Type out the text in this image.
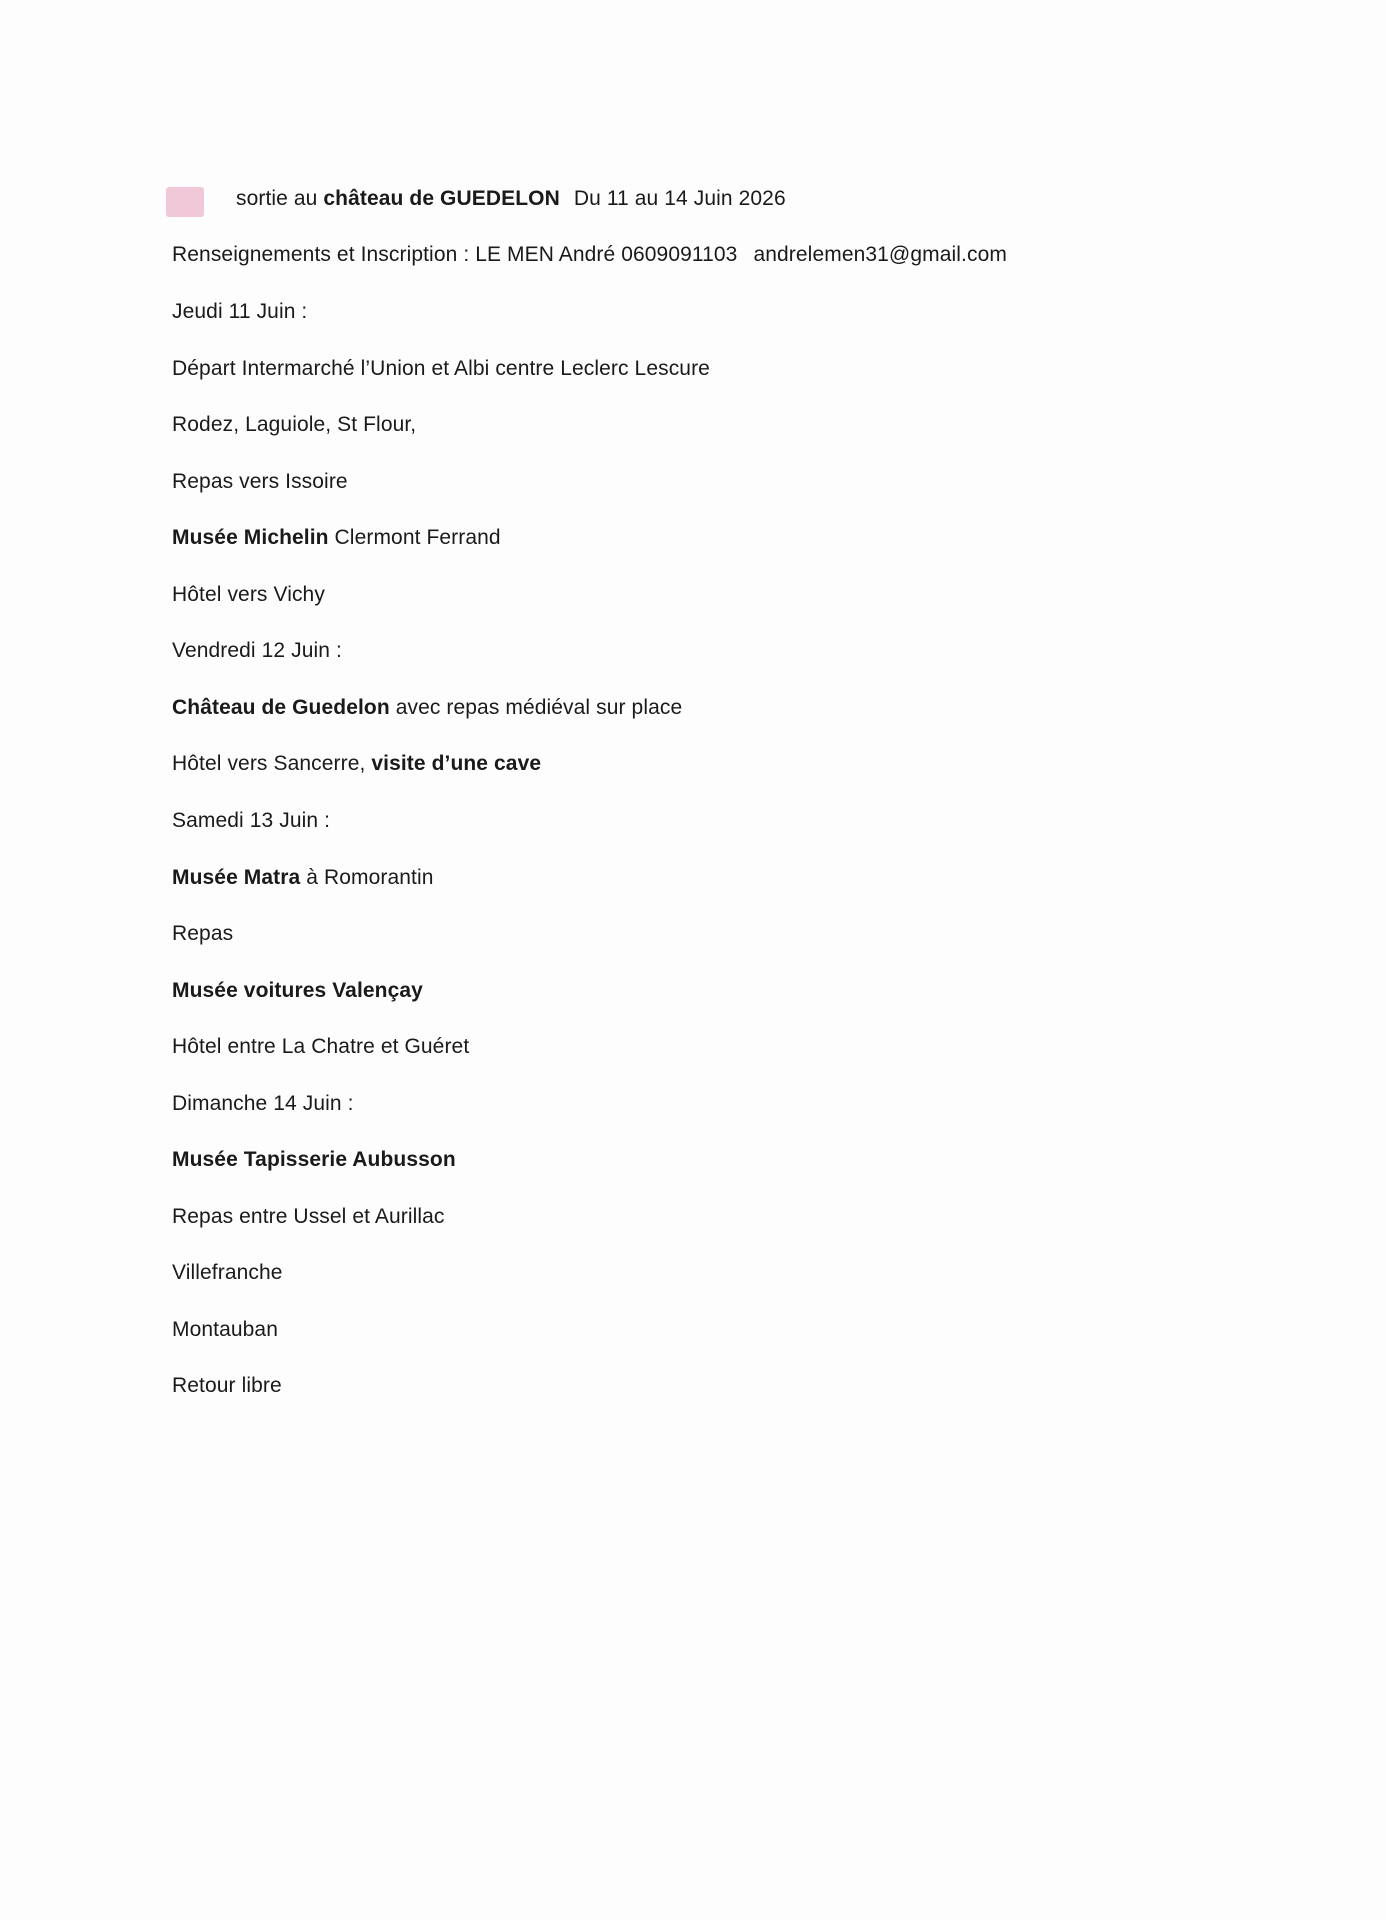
sortie au château de GUEDELON Du 11 au 14 Juin 2026
Renseignements et Inscription : LE MEN André 0609091103 andrelemen31@gmail.com
Jeudi 11 Juin :
Départ Intermarché l’Union et Albi centre Leclerc Lescure
Rodez, Laguiole, St Flour,
Repas vers Issoire
Musée Michelin Clermont Ferrand
Hôtel vers Vichy
Vendredi 12 Juin :
Château de Guedelon avec repas médiéval sur place
Hôtel vers Sancerre, visite d’une cave
Samedi 13 Juin :
Musée Matra à Romorantin
Repas
Musée voitures Valençay
Hôtel entre La Chatre et Guéret
Dimanche 14 Juin :
Musée Tapisserie Aubusson
Repas entre Ussel et Aurillac
Villefranche
Montauban
Retour libre
